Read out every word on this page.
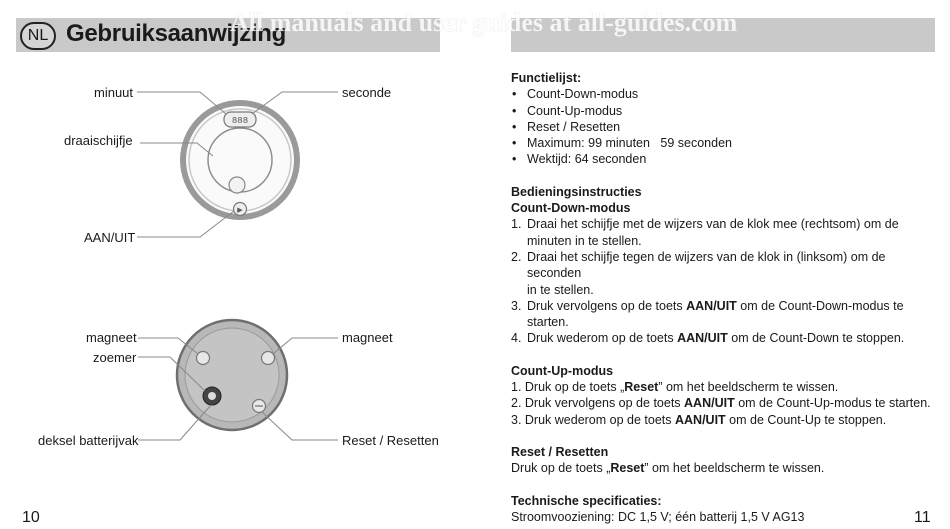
NL Gebruiksaanwijzing
All manuals and user guides at all-guides.com
888
▶
minuut	seconde
draaischijfje
AAN/UIT
magneet
zoemer
deksel batterijvak
magneet
Reset / Resetten

Functielijst:

• Count-Down-modus
• Count-Up-modus
• Reset / Resetten
• Maximum: 99 minuten   59 seconden
• Wektijd: 64 seconden

Bedieningsinstructies

Count-Down-modus

1. Draai het schijfje met de wijzers van de klok mee (rechtsom) om de
minuten in te stellen.
2. Draai het schijfje tegen de wijzers van de klok in (linksom) om de seconden
in te stellen.
3. Druk vervolgens op de toets AAN/UIT om de Count-Down-modus te starten.
4. Druk wederom op de toets AAN/UIT om de Count-Down te stoppen.

Count-Up-modus

1. Druk op de toets „Reset” om het beeldscherm te wissen.

2. Druk vervolgens op de toets AAN/UIT om de Count-Up-modus te starten.

3. Druk wederom op de toets AAN/UIT om de Count-Up te stoppen.

Reset / Resetten

Druk op de toets „Reset” om het beeldscherm te wissen.

Technische specificaties:

Stroomvooziening: DC 1,5 V; één batterij 1,5 V AG13

10	11
